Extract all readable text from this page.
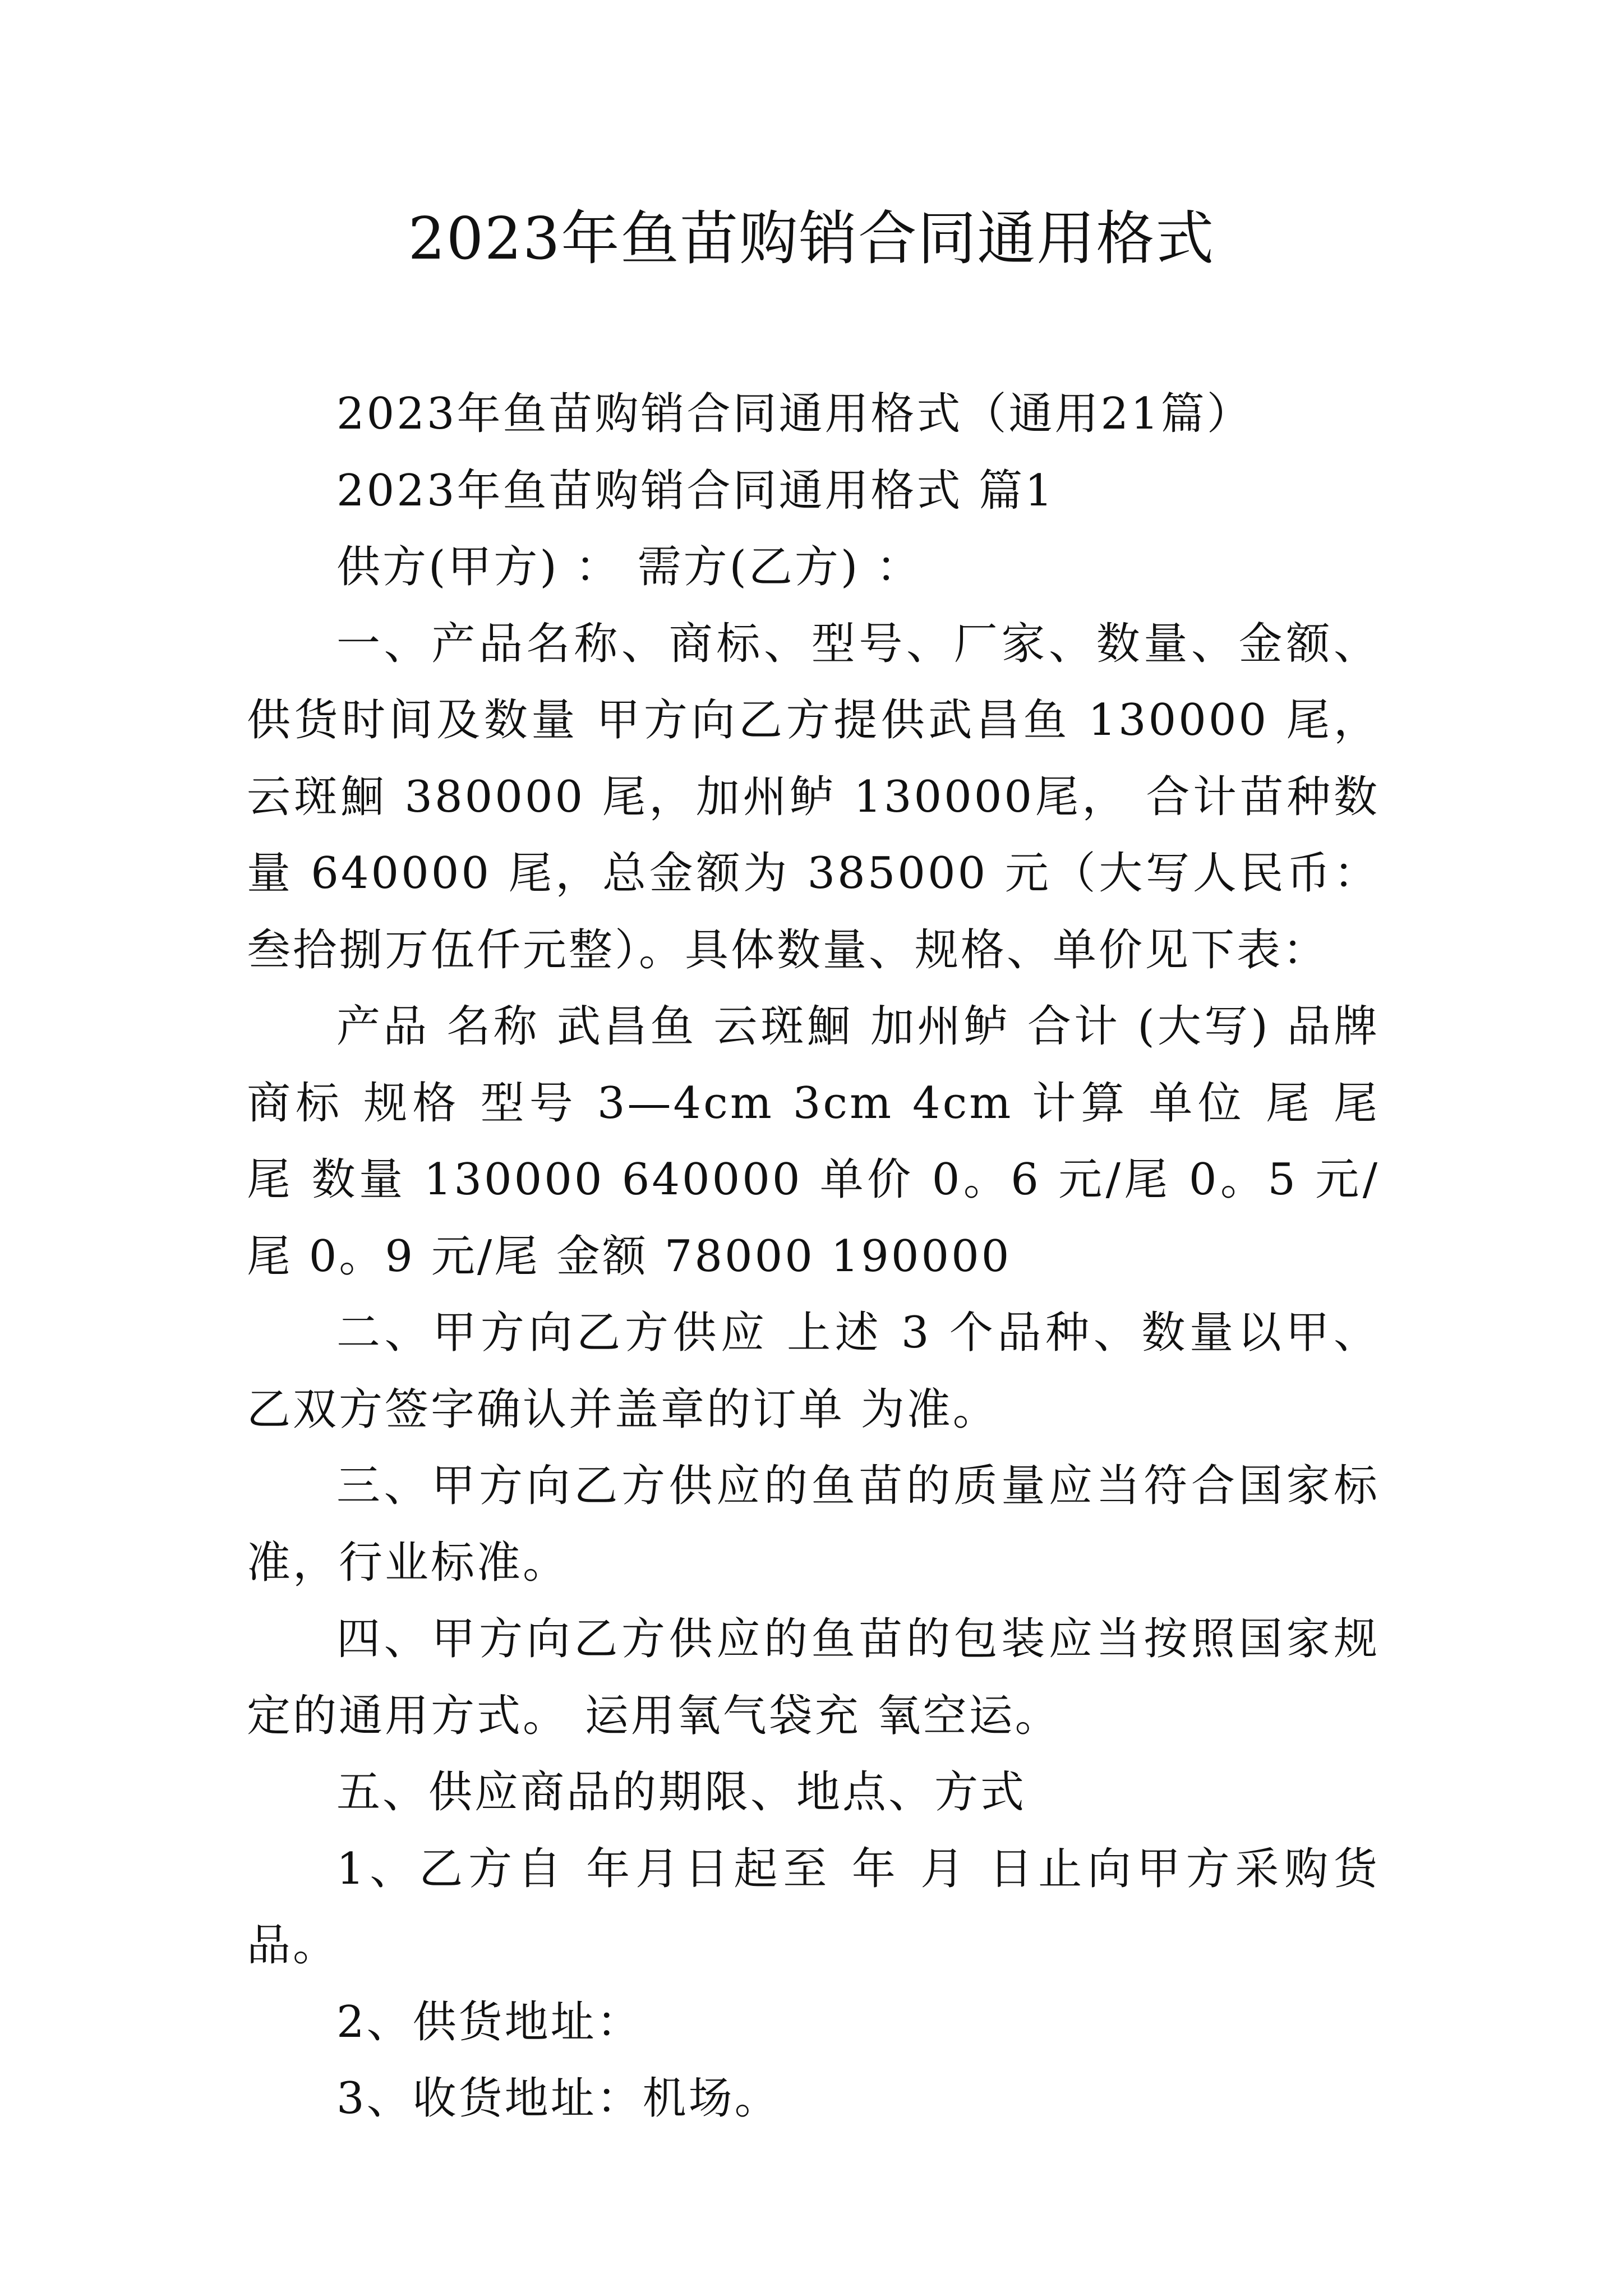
2023年鱼苗购销合同通用格式

2023年鱼苗购销合同通用格式（通用21篇）

2023年鱼苗购销合同通用格式 篇1

供方(甲方) ： 需方(乙方) ：

一、产品名称、商标、型号、厂家、数量、金额、供货时间及数量 甲方向乙方提供武昌鱼 130000 尾，云斑鮰 380000 尾，加州鲈 130000尾， 合计苗种数量 640000 尾，总金额为 385000 元（大写人民币： 叁拾捌万伍仟元整）。具体数量、规格、单价见下表：

产品 名称 武昌鱼 云斑鮰 加州鲈 合计 (大写) 品牌商标 规格 型号 3—4cm 3cm 4cm 计算 单位 尾 尾 尾 数量 130000 640000 单价 0。6 元/尾 0。5 元/尾 0。9 元/尾 金额 78000 190000

二、甲方向乙方供应 上述 3 个品种、数量以甲、乙双方签字确认并盖章的订单 为准。

三、甲方向乙方供应的鱼苗的质量应当符合国家标准，行业标准。

四、甲方向乙方供应的鱼苗的包装应当按照国家规定的通用方式。 运用氧气袋充 氧空运。

五、供应商品的期限、地点、方式

1、乙方自 年月日起至 年 月 日止向甲方采购货品。

2、供货地址：

3、收货地址：机场。
